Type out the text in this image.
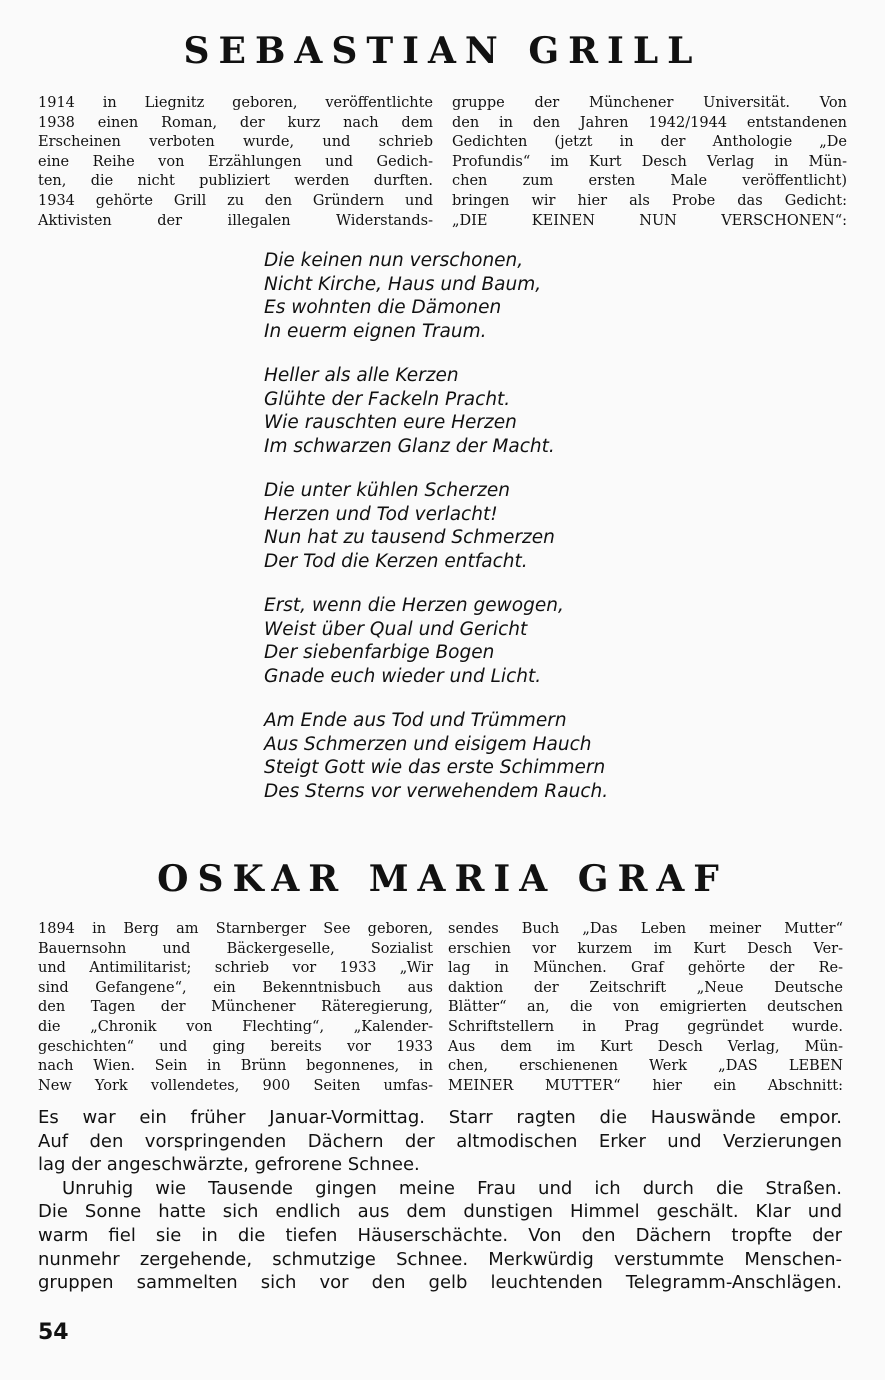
SEBASTIAN GRILL
1914 in Liegnitz geboren, veröffentlichte
1938 einen Roman, der kurz nach dem
Erscheinen verboten wurde, und schrieb
eine Reihe von Erzählungen und Gedich-
ten, die nicht publiziert werden durften.
1934 gehörte Grill zu den Gründern und
Aktivisten der illegalen Widerstands-
gruppe der Münchener Universität. Von
den in den Jahren 1942/1944 entstandenen
Gedichten (jetzt in der Anthologie „De
Profundis“ im Kurt Desch Verlag in Mün-
chen zum ersten Male veröffentlicht)
bringen wir hier als Probe das Gedicht:
„DIE KEINEN NUN VERSCHONEN“:
Die keinen nun verschonen,
Nicht Kirche, Haus und Baum,
Es wohnten die Dämonen
In euerm eignen Traum.
Heller als alle Kerzen
Glühte der Fackeln Pracht.
Wie rauschten eure Herzen
Im schwarzen Glanz der Macht.
Die unter kühlen Scherzen
Herzen und Tod verlacht!
Nun hat zu tausend Schmerzen
Der Tod die Kerzen entfacht.
Erst, wenn die Herzen gewogen,
Weist über Qual und Gericht
Der siebenfarbige Bogen
Gnade euch wieder und Licht.
Am Ende aus Tod und Trümmern
Aus Schmerzen und eisigem Hauch
Steigt Gott wie das erste Schimmern
Des Sterns vor verwehendem Rauch.
OSKAR MARIA GRAF
1894 in Berg am Starnberger See geboren,
Bauernsohn und Bäckergeselle, Sozialist
und Antimilitarist; schrieb vor 1933 „Wir
sind Gefangene“, ein Bekenntnisbuch aus
den Tagen der Münchener Räteregierung,
die „Chronik von Flechting“, „Kalender-
geschichten“ und ging bereits vor 1933
nach Wien. Sein in Brünn begonnenes, in
New York vollendetes, 900 Seiten umfas-
sendes Buch „Das Leben meiner Mutter“
erschien vor kurzem im Kurt Desch Ver-
lag in München. Graf gehörte der Re-
daktion der Zeitschrift „Neue Deutsche
Blätter“ an, die von emigrierten deutschen
Schriftstellern in Prag gegründet wurde.
Aus dem im Kurt Desch Verlag, Mün-
chen, erschienenen Werk „DAS LEBEN
MEINER MUTTER“ hier ein Abschnitt:
Es war ein früher Januar-Vormittag. Starr ragten die Hauswände empor.
Auf den vorspringenden Dächern der altmodischen Erker und Verzierungen
lag der angeschwärzte, gefrorene Schnee.
Unruhig wie Tausende gingen meine Frau und ich durch die Straßen.
Die Sonne hatte sich endlich aus dem dunstigen Himmel geschält. Klar und
warm fiel sie in die tiefen Häuserschächte. Von den Dächern tropfte der
nunmehr zergehende, schmutzige Schnee. Merkwürdig verstummte Menschen-
gruppen sammelten sich vor den gelb leuchtenden Telegramm-Anschlägen.
54
